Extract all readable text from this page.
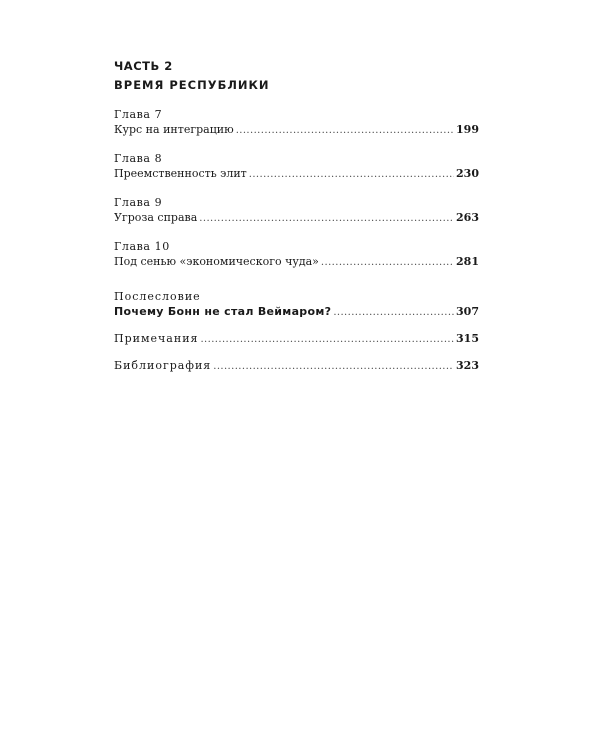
ЧАСТЬ 2
ВРЕМЯ РЕСПУБЛИКИ
Глава 7
Курс на интеграцию .....	199
Глава 8
Преемственность элит .....	230
Глава 9
Угроза справа .....	263
Глава 10
Под сенью «экономического чуда» .....	281
Послесловие
Почему Бонн не стал Веймаром? .....	307
Примечания .....	315
Библиография .....	323
